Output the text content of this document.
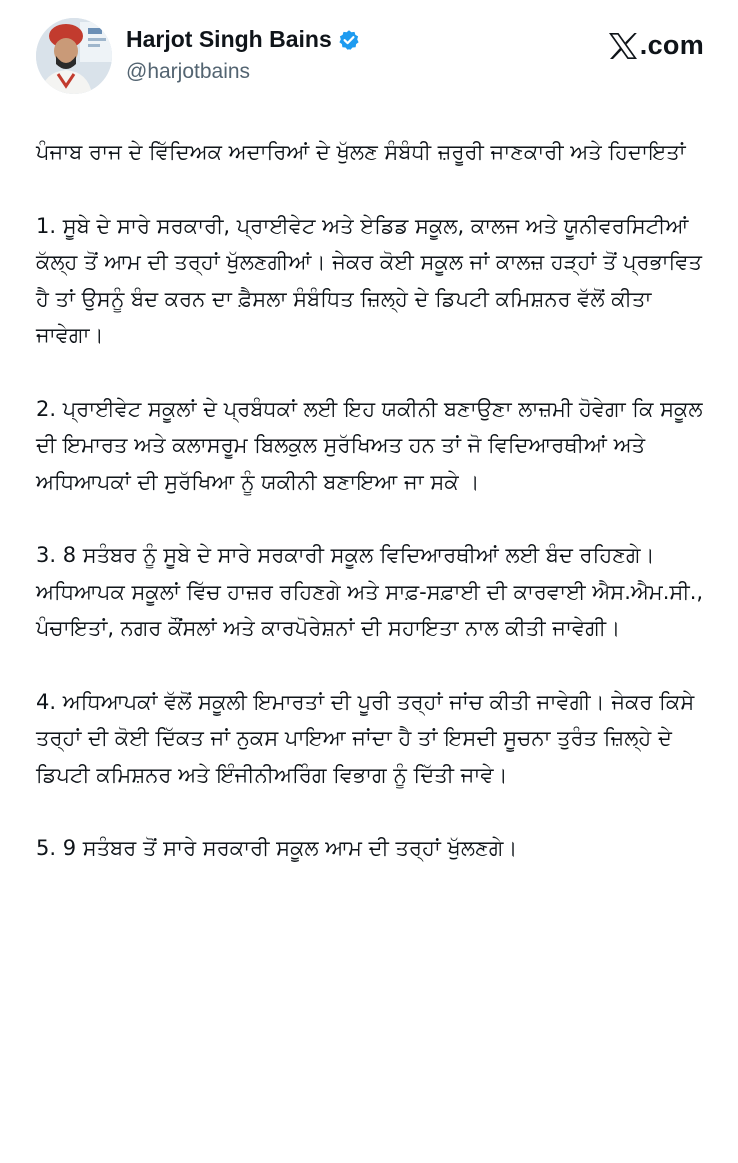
Harjot Singh Bains
@harjotbains
.com

ਪੰਜਾਬ ਰਾਜ ਦੇ ਵਿੱਦਿਅਕ ਅਦਾਰਿਆਂ ਦੇ ਖੁੱਲਣ ਸੰਬੰਧੀ ਜ਼ਰੂਰੀ ਜਾਣਕਾਰੀ ਅਤੇ ਹਿਦਾਇਤਾਂ

1. ਸੂਬੇ ਦੇ ਸਾਰੇ ਸਰਕਾਰੀ, ਪ੍ਰਾਈਵੇਟ ਅਤੇ ਏਡਿਡ ਸਕੂਲ, ਕਾਲਜ ਅਤੇ ਯੂਨੀਵਰਸਿਟੀਆਂ ਕੱਲ੍ਹ ਤੋਂ ਆਮ ਦੀ ਤਰ੍ਹਾਂ ਖੁੱਲਣਗੀਆਂ। ਜੇਕਰ ਕੋਈ ਸਕੂਲ ਜਾਂ ਕਾਲਜ਼ ਹੜ੍ਹਾਂ ਤੋਂ ਪ੍ਰਭਾਵਿਤ ਹੈ ਤਾਂ ਉਸਨੂੰ ਬੰਦ ਕਰਨ ਦਾ ਫ਼ੈਸਲਾ ਸੰਬੰਧਿਤ ਜ਼ਿਲ੍ਹੇ ਦੇ ਡਿਪਟੀ ਕਮਿਸ਼ਨਰ ਵੱਲੋਂ ਕੀਤਾ ਜਾਵੇਗਾ।

2. ਪ੍ਰਾਈਵੇਟ ਸਕੂਲਾਂ ਦੇ ਪ੍ਰਬੰਧਕਾਂ ਲਈ ਇਹ ਯਕੀਨੀ ਬਣਾਉਣਾ ਲਾਜ਼ਮੀ ਹੋਵੇਗਾ ਕਿ ਸਕੂਲ ਦੀ ਇਮਾਰਤ ਅਤੇ ਕਲਾਸਰੂਮ ਬਿਲਕੁਲ ਸੁਰੱਖਿਅਤ ਹਨ ਤਾਂ ਜੋ ਵਿਦਿਆਰਥੀਆਂ ਅਤੇ ਅਧਿਆਪਕਾਂ ਦੀ ਸੁਰੱਖਿਆ ਨੂੰ ਯਕੀਨੀ ਬਣਾਇਆ ਜਾ ਸਕੇ ।

3. 8 ਸਤੰਬਰ ਨੂੰ ਸੂਬੇ ਦੇ ਸਾਰੇ ਸਰਕਾਰੀ ਸਕੂਲ ਵਿਦਿਆਰਥੀਆਂ ਲਈ ਬੰਦ ਰਹਿਣਗੇ। ਅਧਿਆਪਕ ਸਕੂਲਾਂ ਵਿੱਚ ਹਾਜ਼ਰ ਰਹਿਣਗੇ ਅਤੇ ਸਾਫ਼-ਸਫ਼ਾਈ ਦੀ ਕਾਰਵਾਈ ਐਸ.ਐਮ.ਸੀ., ਪੰਚਾਇਤਾਂ, ਨਗਰ ਕੌਂਸਲਾਂ ਅਤੇ ਕਾਰਪੋਰੇਸ਼ਨਾਂ ਦੀ ਸਹਾਇਤਾ ਨਾਲ ਕੀਤੀ ਜਾਵੇਗੀ।

4. ਅਧਿਆਪਕਾਂ ਵੱਲੋਂ ਸਕੂਲੀ ਇਮਾਰਤਾਂ ਦੀ ਪੂਰੀ ਤਰ੍ਹਾਂ ਜਾਂਚ ਕੀਤੀ ਜਾਵੇਗੀ। ਜੇਕਰ ਕਿਸੇ ਤਰ੍ਹਾਂ ਦੀ ਕੋਈ ਦਿੱਕਤ ਜਾਂ ਨੁਕਸ ਪਾਇਆ ਜਾਂਦਾ ਹੈ ਤਾਂ ਇਸਦੀ ਸੂਚਨਾ ਤੁਰੰਤ ਜ਼ਿਲ੍ਹੇ ਦੇ ਡਿਪਟੀ ਕਮਿਸ਼ਨਰ ਅਤੇ ਇੰਜੀਨੀਅਰਿੰਗ ਵਿਭਾਗ ਨੂੰ ਦਿੱਤੀ ਜਾਵੇ।

5. 9 ਸਤੰਬਰ ਤੋਂ ਸਾਰੇ ਸਰਕਾਰੀ ਸਕੂਲ ਆਮ ਦੀ ਤਰ੍ਹਾਂ ਖੁੱਲਣਗੇ।
